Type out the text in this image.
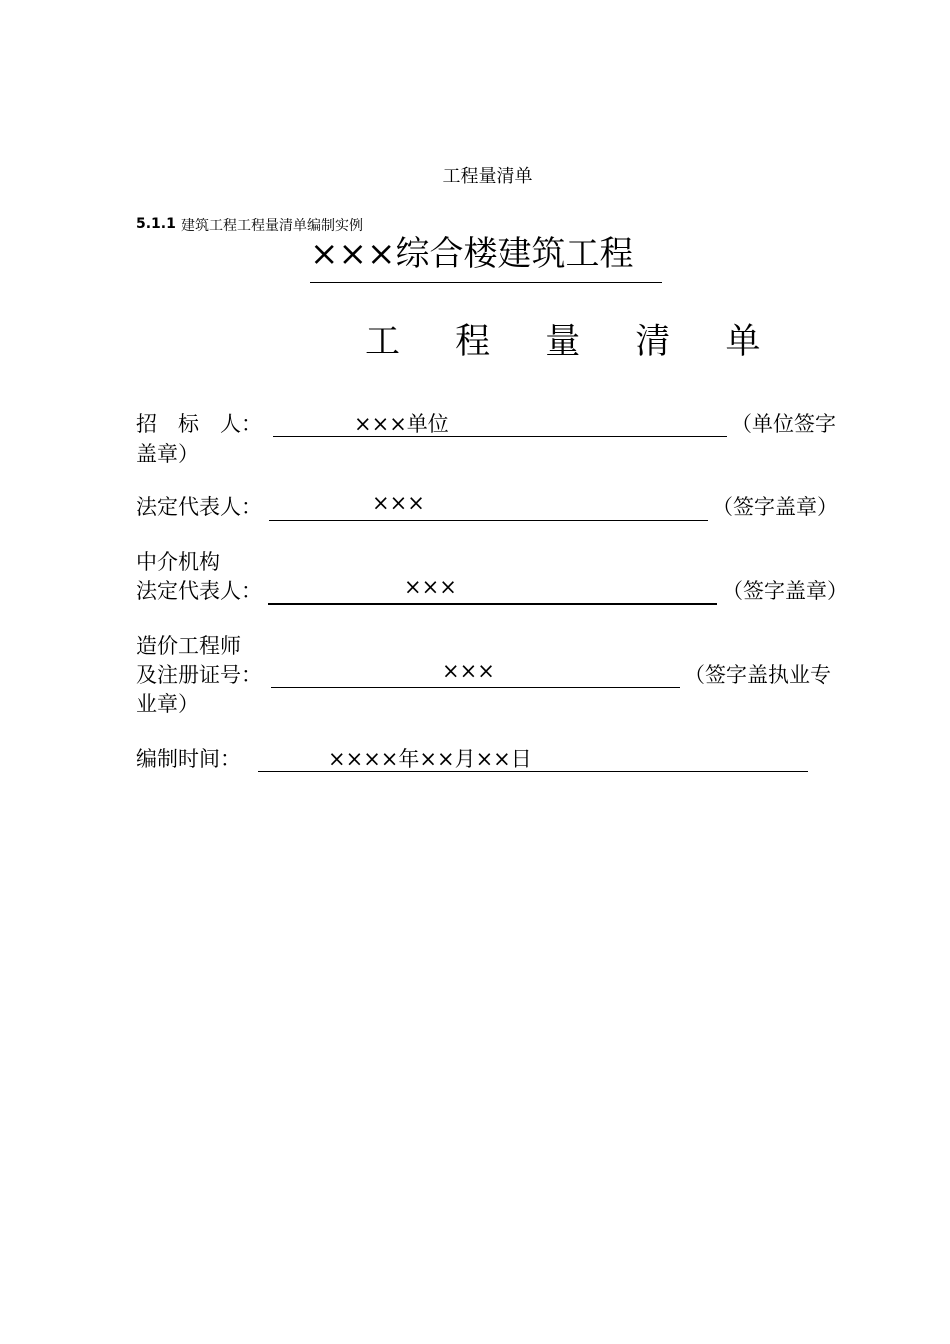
工程量清单
5.1.1 建筑工程工程量清单编制实例
×××综合楼建筑工程
工 程 量 清 单
招　标　人：	×××单位	（单位签字
盖章）
法定代表人：	×××	（签字盖章）
中介机构
法定代表人：	×××	（签字盖章）
造价工程师
及注册证号：	×××	（签字盖执业专
业章）
编制时间：	××××年××月××日
